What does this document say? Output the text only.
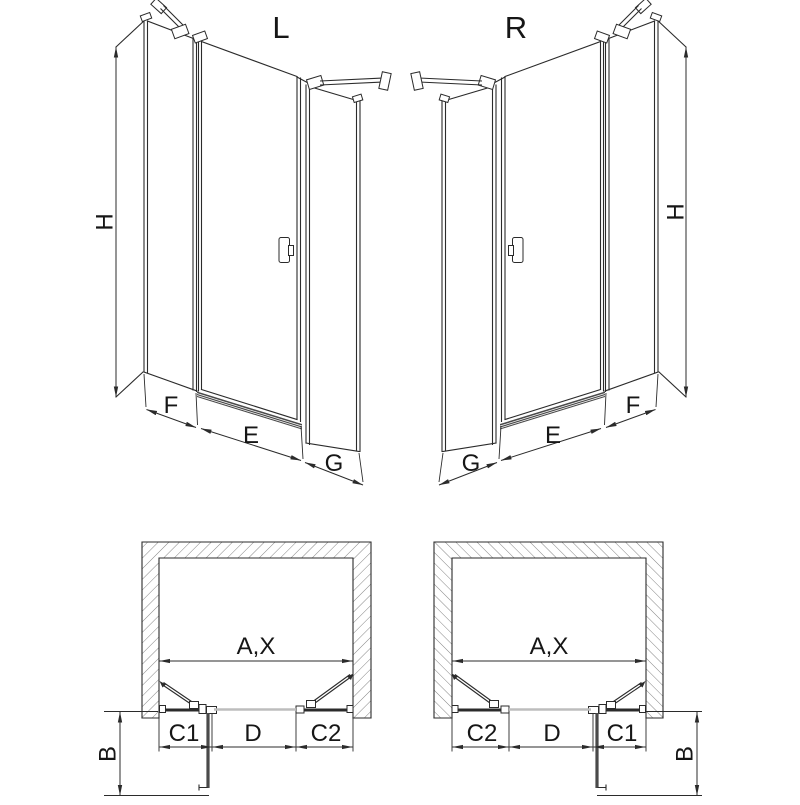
L	R
H
F
E
G
H
G
E
F
A,X
C1 D C2
B
A,X
C2 D C1
B
